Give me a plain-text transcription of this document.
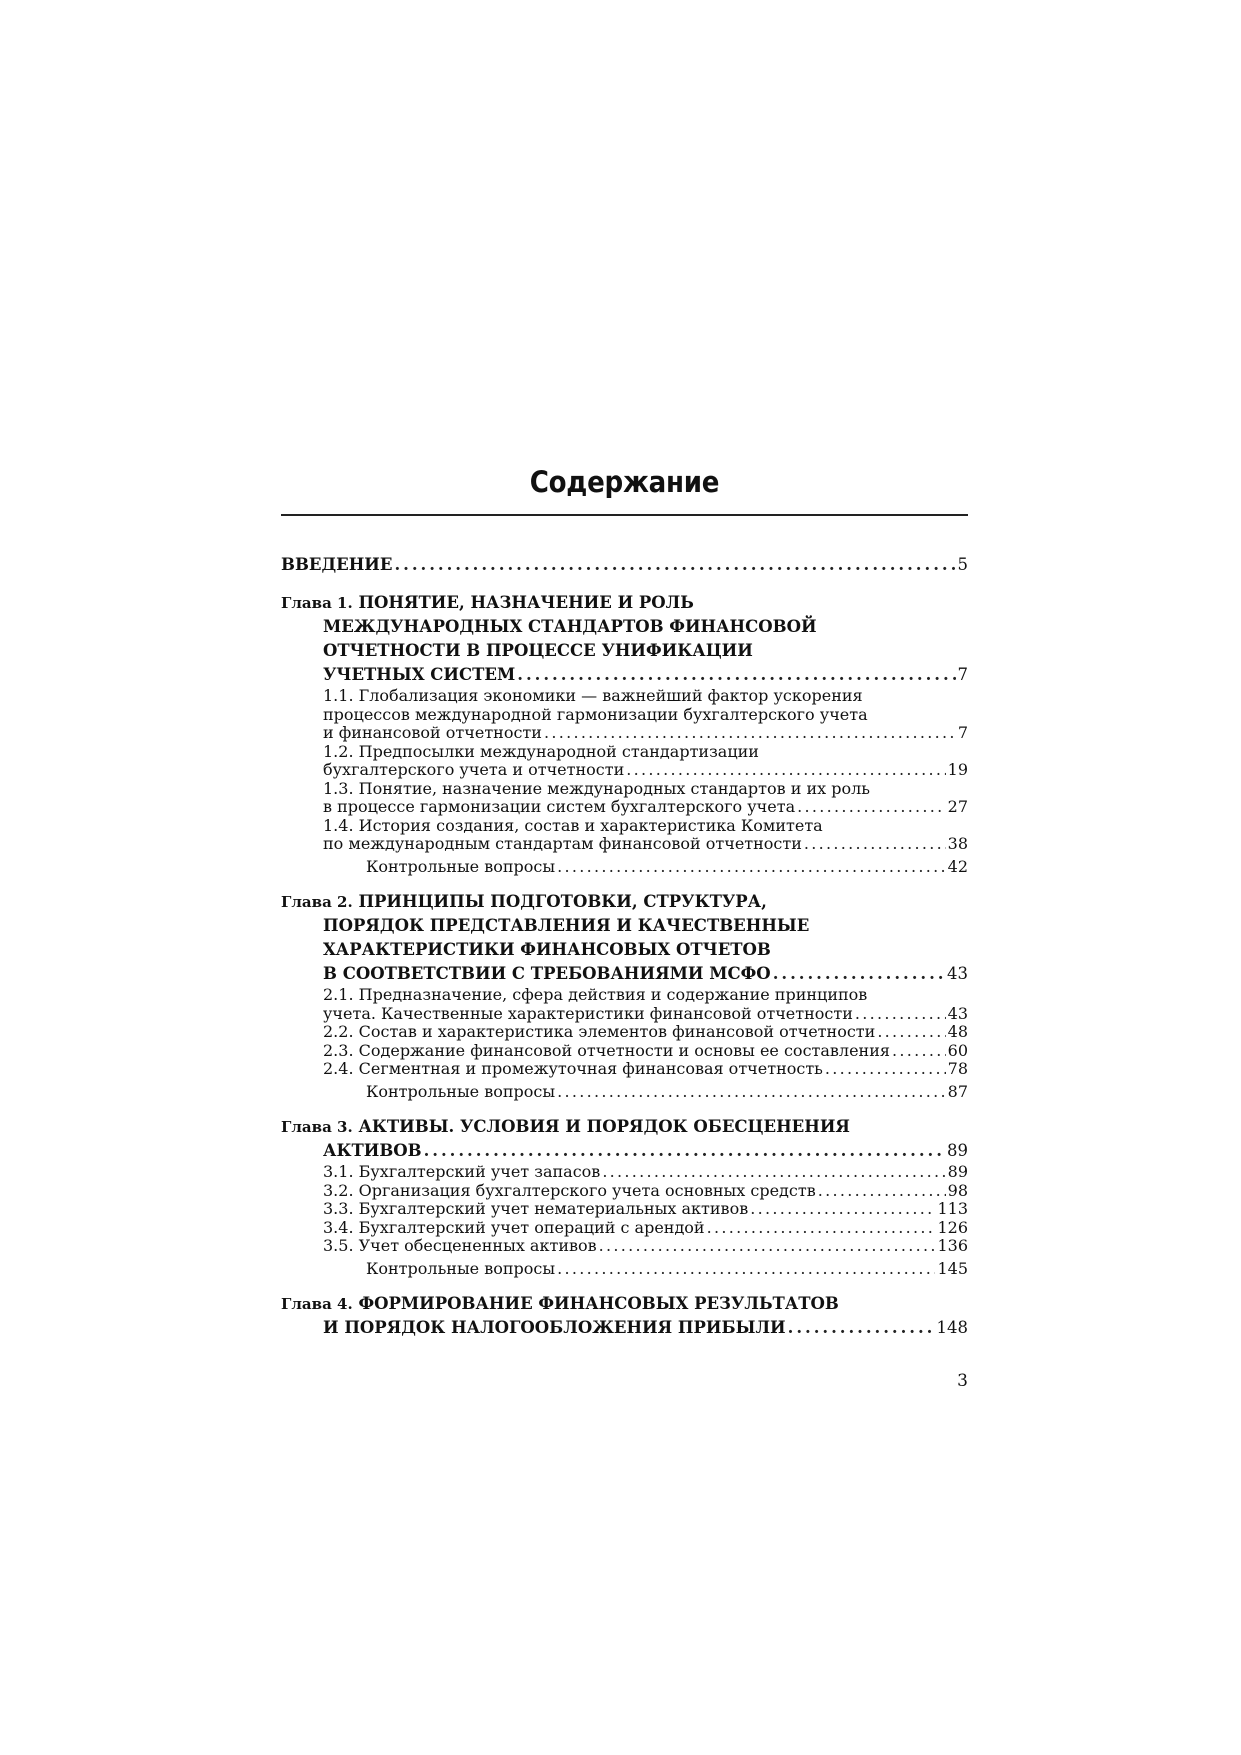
Содержание
ВВЕДЕНИЕ . . .	5
Глава 1. ПОНЯТИЕ, НАЗНАЧЕНИЕ И РОЛЬ
МЕЖДУНАРОДНЫХ СТАНДАРТОВ ФИНАНСОВОЙ
ОТЧЕТНОСТИ В ПРОЦЕССЕ УНИФИКАЦИИ
УЧЕТНЫХ СИСТЕМ . . .	7
1.1. Глобализация экономики — важнейший фактор ускорения
процессов международной гармонизации бухгалтерского учета
и финансовой отчетности . . .	7
1.2. Предпосылки международной стандартизации
бухгалтерского учета и отчетности . . .	19
1.3. Понятие, назначение международных стандартов и их роль
в процессе гармонизации систем бухгалтерского учета . . .	27
1.4. История создания, состав и характеристика Комитета
по международным стандартам финансовой отчетности . . .	38
Контрольные вопросы . . .	42
Глава 2. ПРИНЦИПЫ ПОДГОТОВКИ, СТРУКТУРА,
ПОРЯДОК ПРЕДСТАВЛЕНИЯ И КАЧЕСТВЕННЫЕ
ХАРАКТЕРИСТИКИ ФИНАНСОВЫХ ОТЧЕТОВ
В СООТВЕТСТВИИ С ТРЕБОВАНИЯМИ МСФО . . .	43
2.1. Предназначение, сфера действия и содержание принципов
учета. Качественные характеристики финансовой отчетности . . .	43
2.2. Состав и характеристика элементов финансовой отчетности . . .	48
2.3. Содержание финансовой отчетности и основы ее составления . . .	60
2.4. Сегментная и промежуточная финансовая отчетность . . .	78
Контрольные вопросы . . .	87
Глава 3. АКТИВЫ. УСЛОВИЯ И ПОРЯДОК ОБЕСЦЕНЕНИЯ
АКТИВОВ . . .	89
3.1. Бухгалтерский учет запасов . . .	89
3.2. Организация бухгалтерского учета основных средств . . .	98
3.3. Бухгалтерский учет нематериальных активов . . .	113
3.4. Бухгалтерский учет операций с арендой . . .	126
3.5. Учет обесцененных активов . . .	136
Контрольные вопросы . . .	145
Глава 4. ФОРМИРОВАНИЕ ФИНАНСОВЫХ РЕЗУЛЬТАТОВ
И ПОРЯДОК НАЛОГООБЛОЖЕНИЯ ПРИБЫЛИ . . .	148
3
